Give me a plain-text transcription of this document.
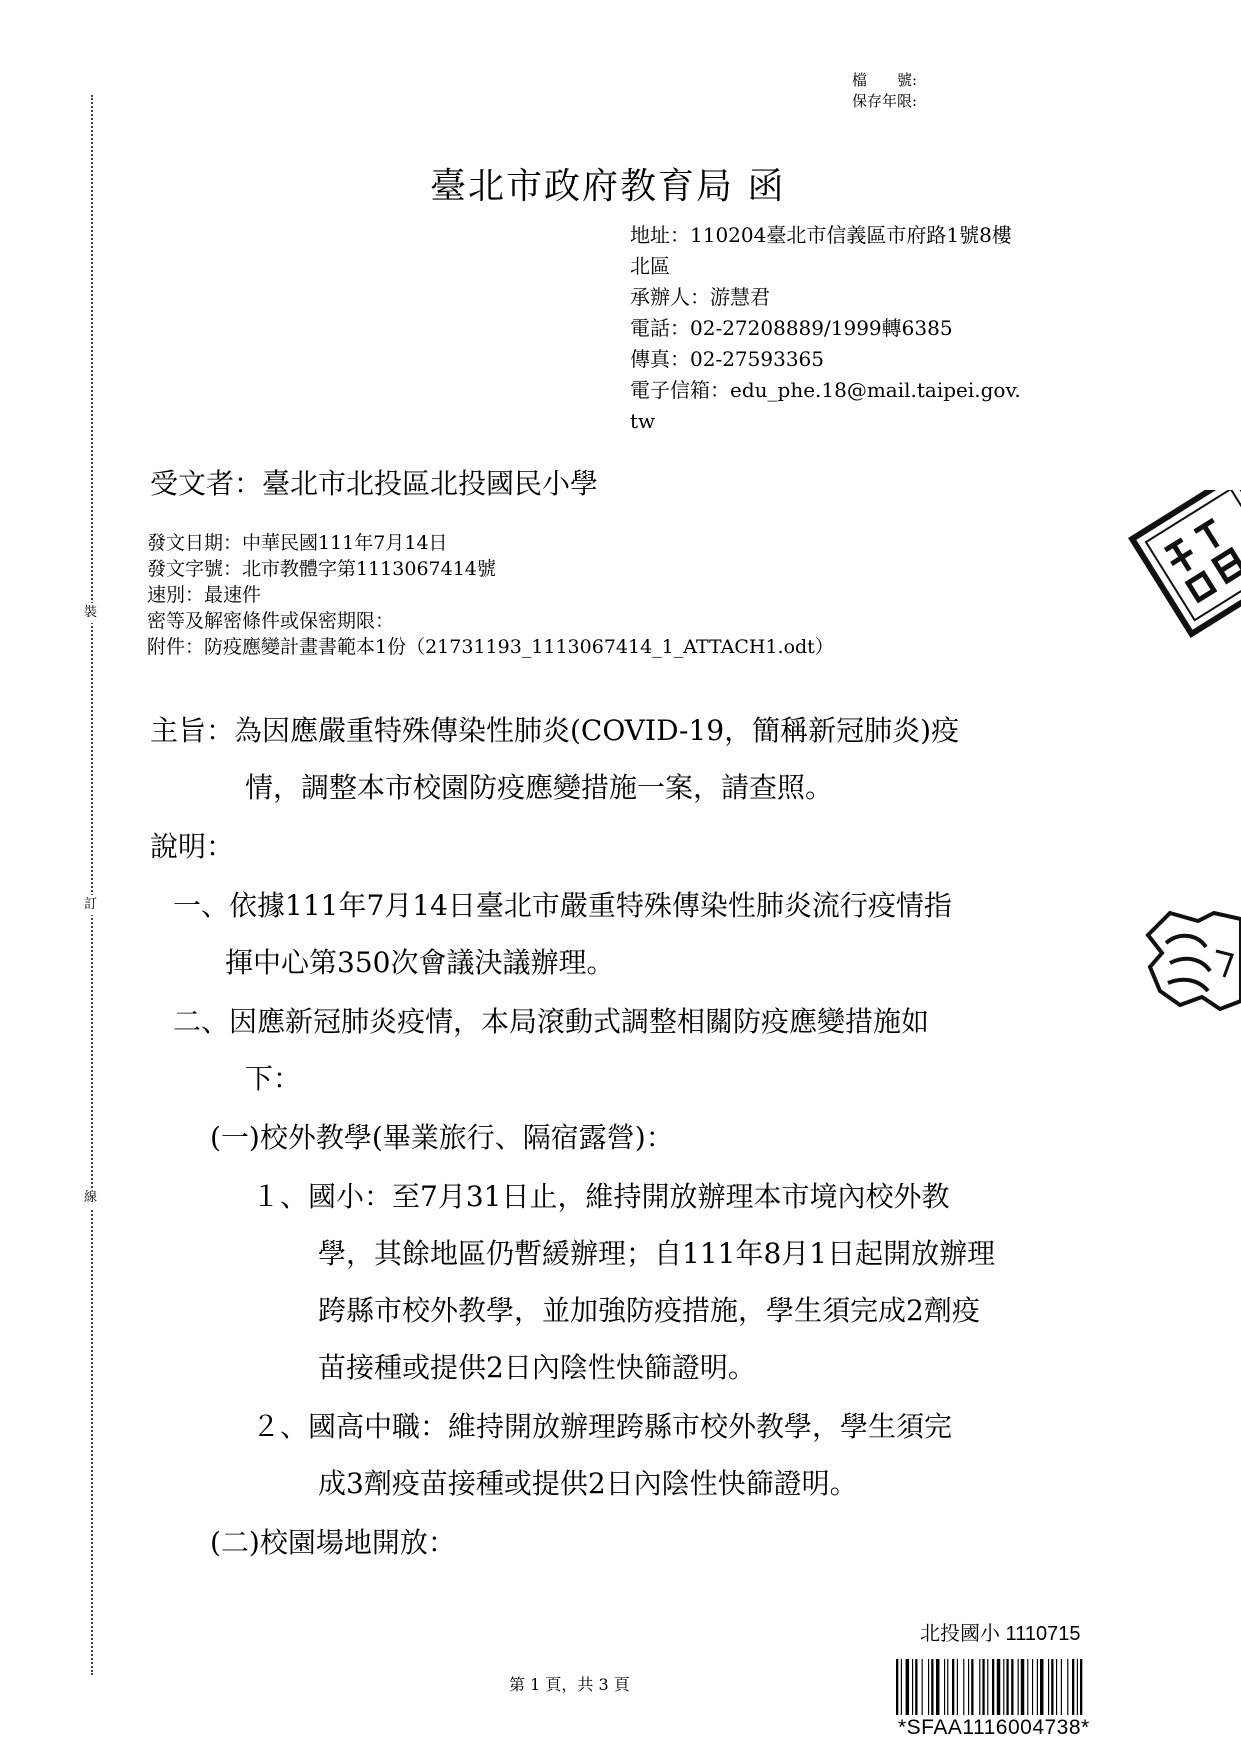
裝
訂
線
檔　　號:
保存年限:
臺北市政府教育局 函
地址：110204臺北市信義區市府路1號8樓
北區
承辦人：游慧君
電話：02-27208889/1999轉6385
傳真：02-27593365
電子信箱：edu_phe.18@mail.taipei.gov.
tw
受文者：臺北市北投區北投國民小學
發文日期：中華民國111年7月14日
發文字號：北市教體字第1113067414號
速別：最速件
密等及解密條件或保密期限：
附件：防疫應變計畫書範本1份（21731193_1113067414_1_ATTACH1.odt）
主旨：為因應嚴重特殊傳染性肺炎(COVID-19，簡稱新冠肺炎)疫
情，調整本市校園防疫應變措施一案，請查照。
說明：
一、依據111年7月14日臺北市嚴重特殊傳染性肺炎流行疫情指
揮中心第350次會議決議辦理。
二、因應新冠肺炎疫情，本局滾動式調整相關防疫應變措施如
下：
(一)校外教學(畢業旅行、隔宿露營)：
１、國小：至7月31日止，維持開放辦理本市境內校外教
學，其餘地區仍暫緩辦理；自111年8月1日起開放辦理
跨縣市校外教學，並加強防疫措施，學生須完成2劑疫
苗接種或提供2日內陰性快篩證明。
２、國高中職：維持開放辦理跨縣市校外教學，學生須完
成3劑疫苗接種或提供2日內陰性快篩證明。
(二)校園場地開放：
第 1 頁，共 3 頁
北投國小 1110715
*SFAA1116004738*
